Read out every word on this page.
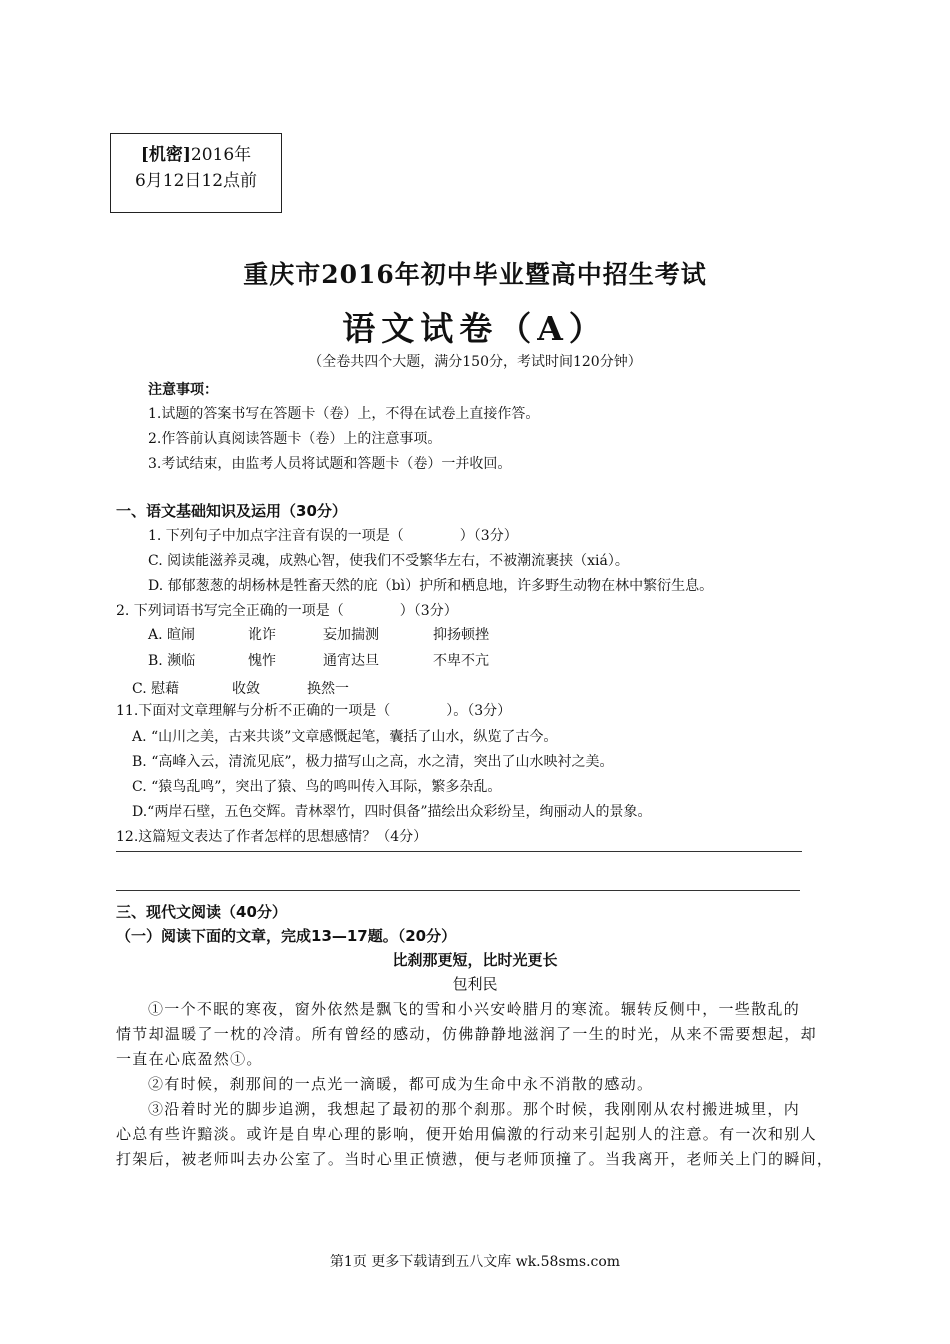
[机密]2016年
6月12日12点前
重庆市2016年初中毕业暨高中招生考试
语文试卷（A）
（全卷共四个大题，满分150分，考试时间120分钟）
注意事项：
1.试题的答案书写在答题卡（卷）上，不得在试卷上直接作答。
2.作答前认真阅读答题卡（卷）上的注意事项。
3.考试结束，由监考人员将试题和答题卡（卷）一并收回。
一、语文基础知识及运用（30分）
1. 下列句子中加点字注音有误的一项是（　　　　）（3分）
C. 阅读能滋养灵魂，成熟心智，使我们不受繁华左右，不被潮流裹挟（xiá）。
D. 郁郁葱葱的胡杨林是牲畜天然的庇（bì）护所和栖息地，许多野生动物在林中繁衍生息。
2. 下列词语书写完全正确的一项是（　　　　）（3分）
A. 暄闹	讹诈	妄加揣测	抑扬顿挫
B. 濒临	愧怍	通宵达旦	不卑不亢
C. 慰藉	收敛	换然一
11.下面对文章理解与分析不正确的一项是（　　　　）。（3分）
A. “山川之美，古来共谈”文章感慨起笔，囊括了山水，纵览了古今。
B. “高峰入云，清流见底”，极力描写山之高，水之清，突出了山水映衬之美。
C. “猿鸟乱鸣”，突出了猿、鸟的鸣叫传入耳际，繁多杂乱。
D.“两岸石壁，五色交辉。青林翠竹，四时俱备”描绘出众彩纷呈，绚丽动人的景象。
12.这篇短文表达了作者怎样的思想感情？（4分）
三、现代文阅读（40分）
（一）阅读下面的文章，完成13—17题。（20分）
比刹那更短，比时光更长
包利民
①一个不眠的寒夜，窗外依然是飘飞的雪和小兴安岭腊月的寒流。辗转反侧中，一些散乱的
情节却温暖了一枕的冷清。所有曾经的感动，仿佛静静地滋润了一生的时光，从来不需要想起，却
一直在心底盈然①。
②有时候，刹那间的一点光一滴暖，都可成为生命中永不消散的感动。
③沿着时光的脚步追溯，我想起了最初的那个刹那。那个时候，我刚刚从农村搬进城里，内
心总有些许黯淡。或许是自卑心理的影响，便开始用偏激的行动来引起别人的注意。有一次和别人
打架后，被老师叫去办公室了。当时心里正愤懑，便与老师顶撞了。当我离开，老师关上门的瞬间，
第1页 更多下载请到五八文库 wk.58sms.com
